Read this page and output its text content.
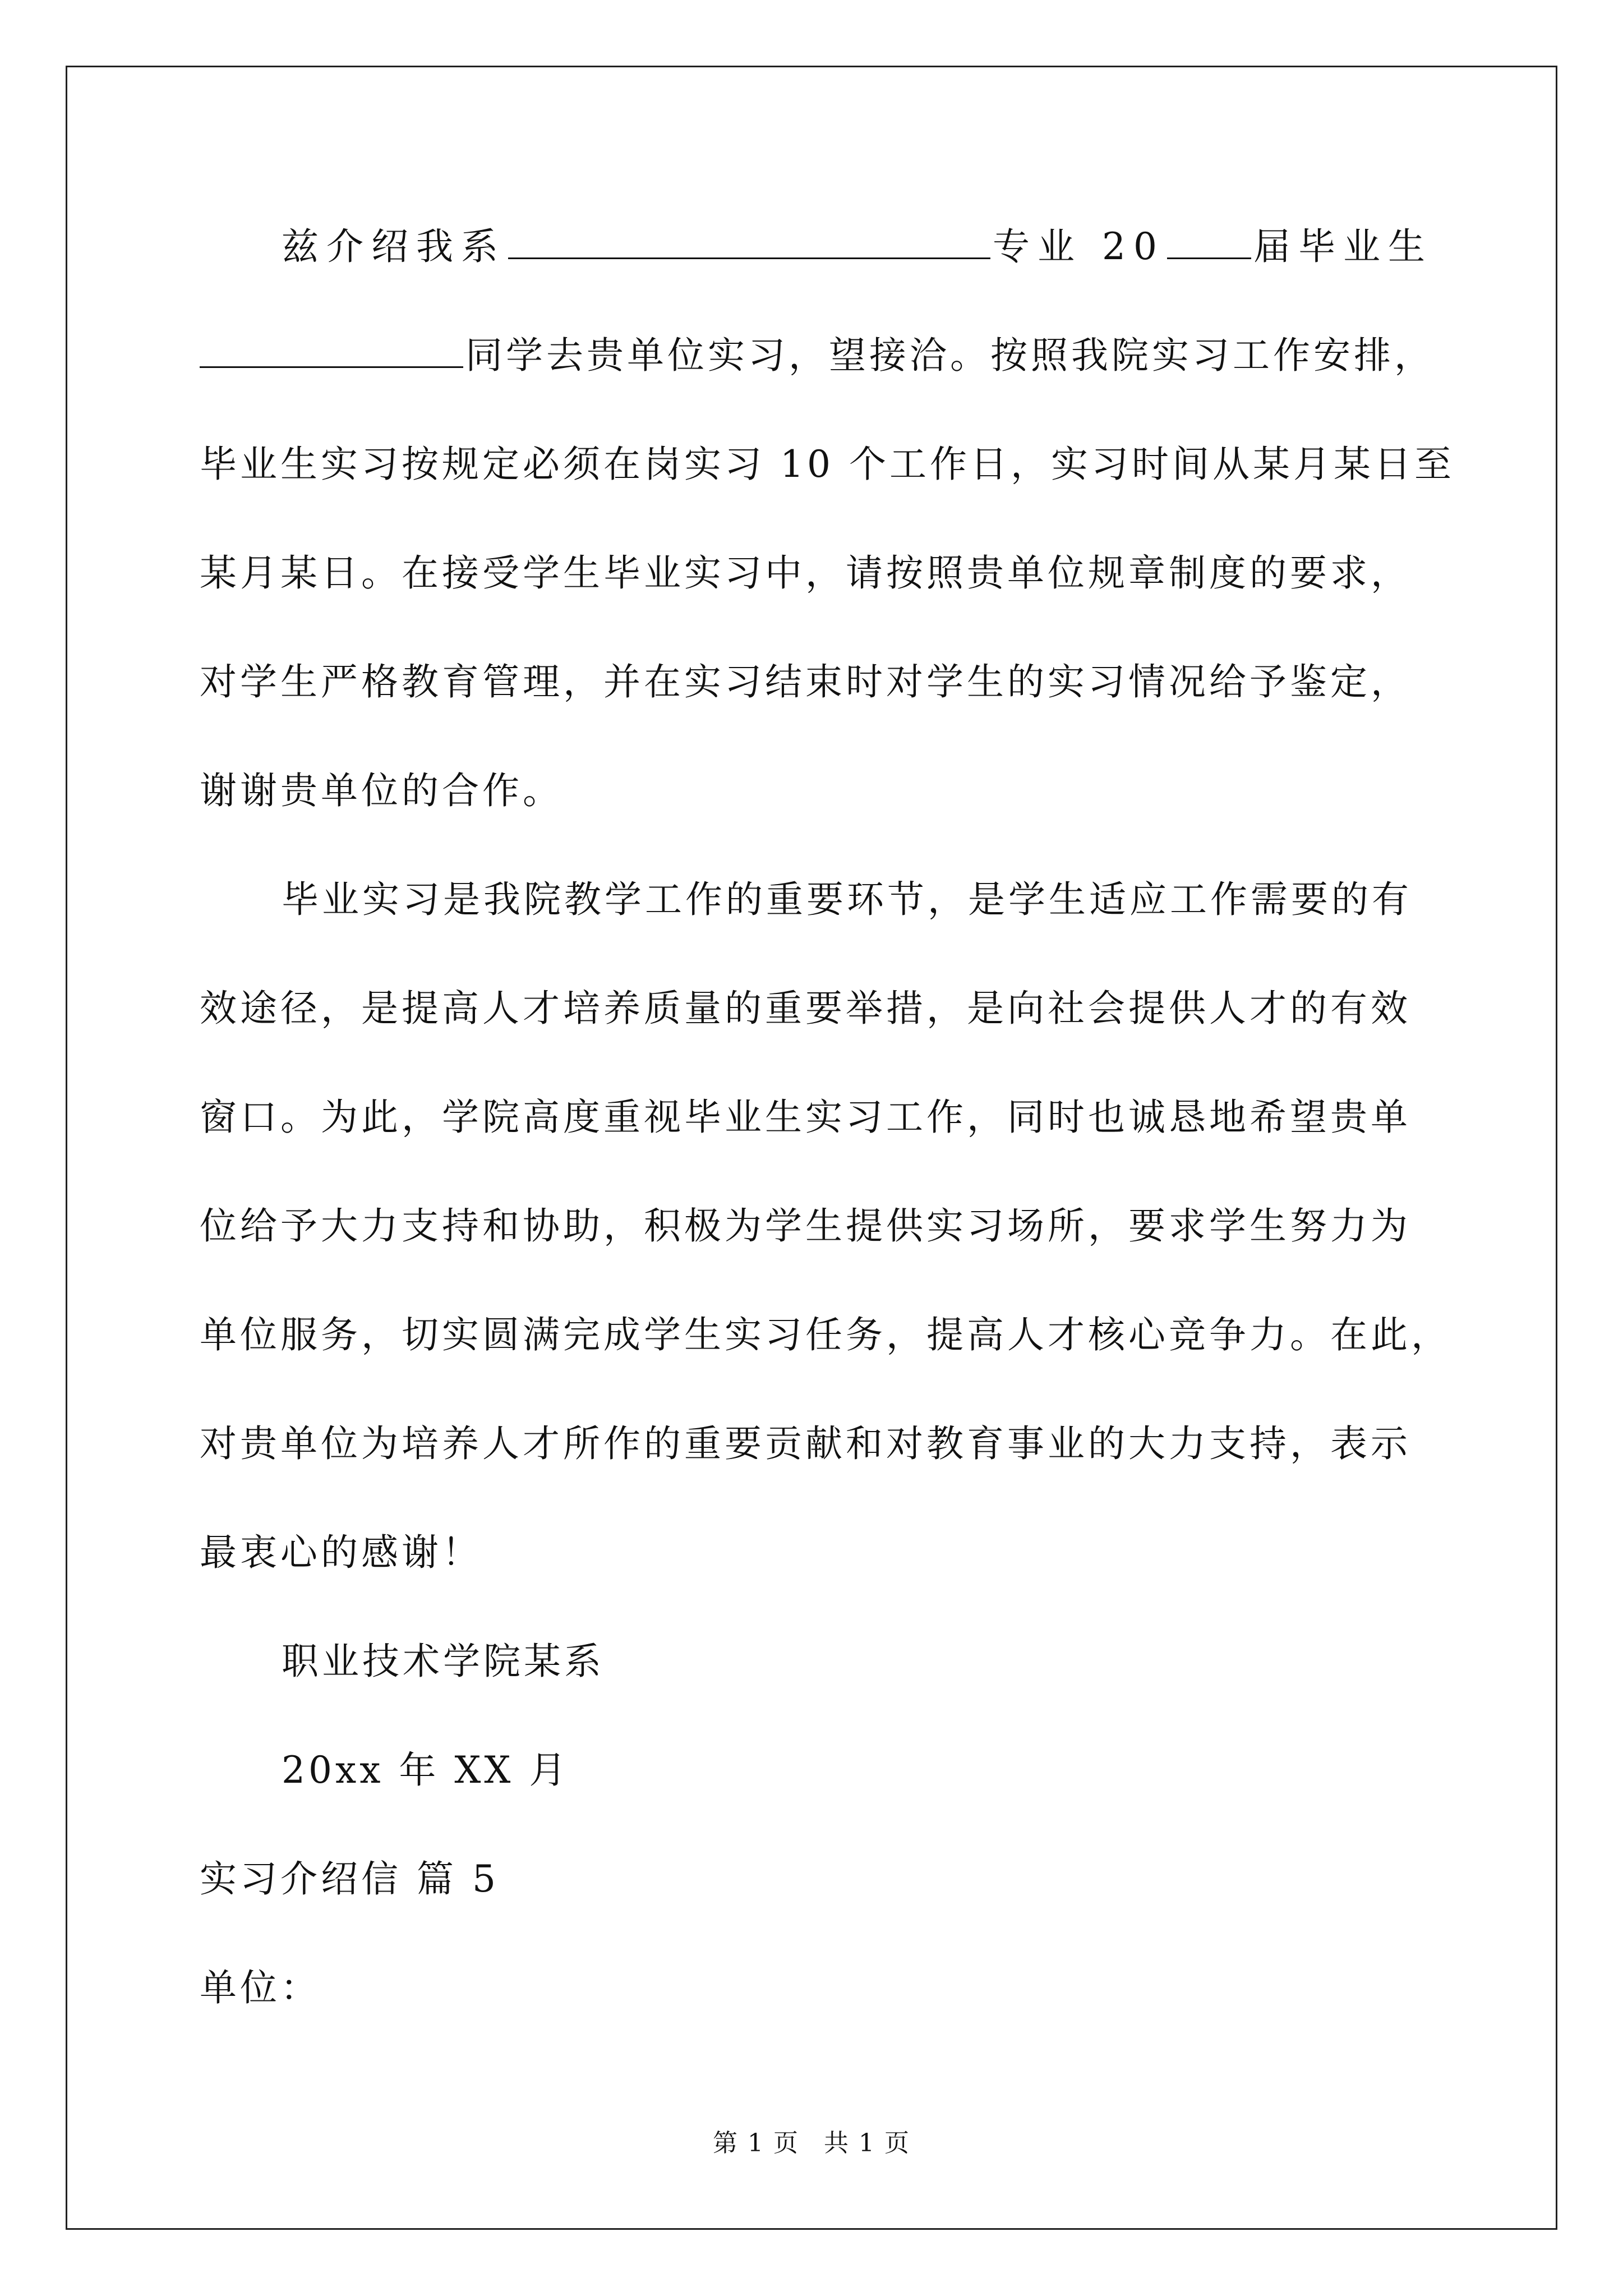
兹介绍我系	专业 20 届毕业生
同学去贵单位实习，望接洽。按照我院实习工作安排，
毕业生实习按规定必须在岗实习 10 个工作日，实习时间从某月某日至
某月某日。在接受学生毕业实习中，请按照贵单位规章制度的要求，
对学生严格教育管理，并在实习结束时对学生的实习情况给予鉴定，
谢谢贵单位的合作。
毕业实习是我院教学工作的重要环节，是学生适应工作需要的有
效途径，是提高人才培养质量的重要举措，是向社会提供人才的有效
窗口。为此，学院高度重视毕业生实习工作，同时也诚恳地希望贵单
位给予大力支持和协助，积极为学生提供实习场所，要求学生努力为
单位服务，切实圆满完成学生实习任务，提高人才核心竞争力。在此，
对贵单位为培养人才所作的重要贡献和对教育事业的大力支持，表示
最衷心的感谢！
职业技术学院某系
20xx 年 XX 月
实习介绍信 篇 5
单位：
第 1 页 共 1 页
